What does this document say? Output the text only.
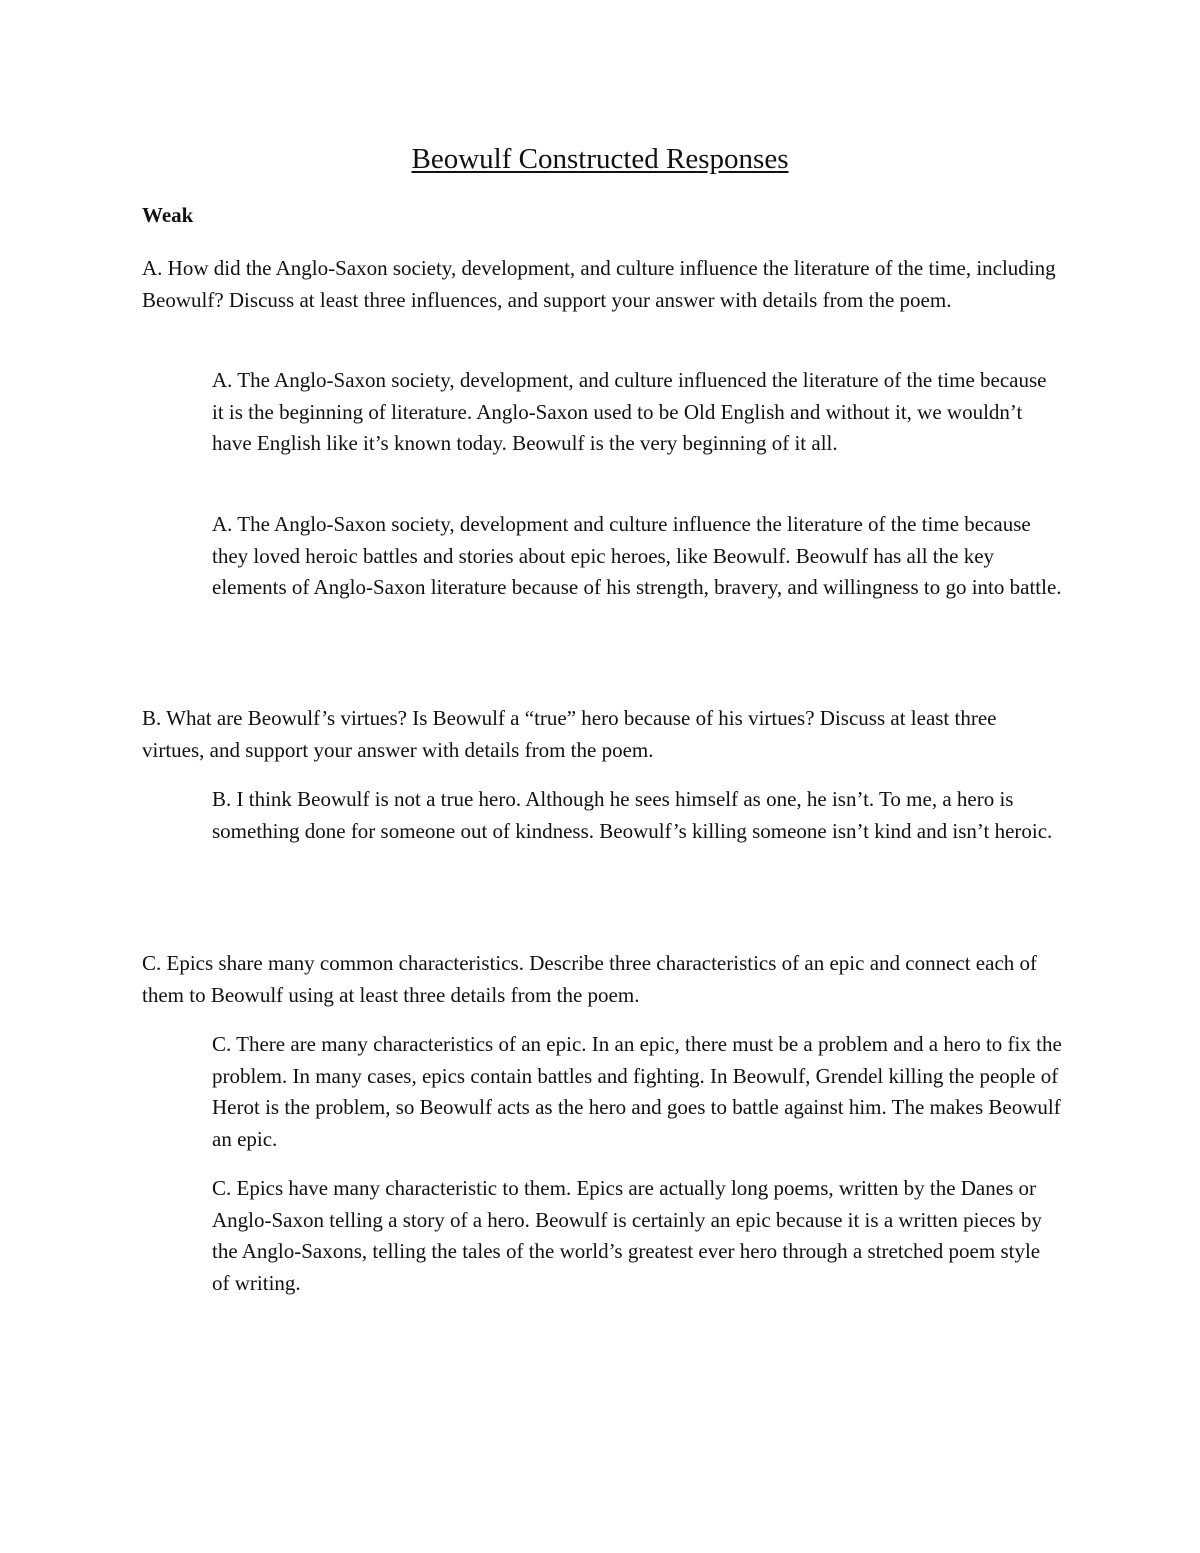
Beowulf Constructed Responses
Weak

A. How did the Anglo-Saxon society, development, and culture influence the literature of the time, including Beowulf? Discuss at least three influences, and support your answer with details from the poem.

A. The Anglo-Saxon society, development, and culture influenced the literature of the time because it is the beginning of literature. Anglo-Saxon used to be Old English and without it, we wouldn’t have English like it’s known today. Beowulf is the very beginning of it all.

A. The Anglo-Saxon society, development and culture influence the literature of the time because they loved heroic battles and stories about epic heroes, like Beowulf. Beowulf has all the key elements of Anglo-Saxon literature because of his strength, bravery, and willingness to go into battle.

B. What are Beowulf’s virtues? Is Beowulf a “true” hero because of his virtues? Discuss at least three virtues, and support your answer with details from the poem.

B. I think Beowulf is not a true hero. Although he sees himself as one, he isn’t. To me, a hero is something done for someone out of kindness. Beowulf’s killing someone isn’t kind and isn’t heroic.

C. Epics share many common characteristics. Describe three characteristics of an epic and connect each of them to Beowulf using at least three details from the poem.

C. There are many characteristics of an epic. In an epic, there must be a problem and a hero to fix the problem. In many cases, epics contain battles and fighting. In Beowulf, Grendel killing the people of Herot is the problem, so Beowulf acts as the hero and goes to battle against him. The makes Beowulf an epic.

C. Epics have many characteristic to them. Epics are actually long poems, written by the Danes or Anglo-Saxon telling a story of a hero. Beowulf is certainly an epic because it is a written pieces by the Anglo-Saxons, telling the tales of the world’s greatest ever hero through a stretched poem style of writing.
